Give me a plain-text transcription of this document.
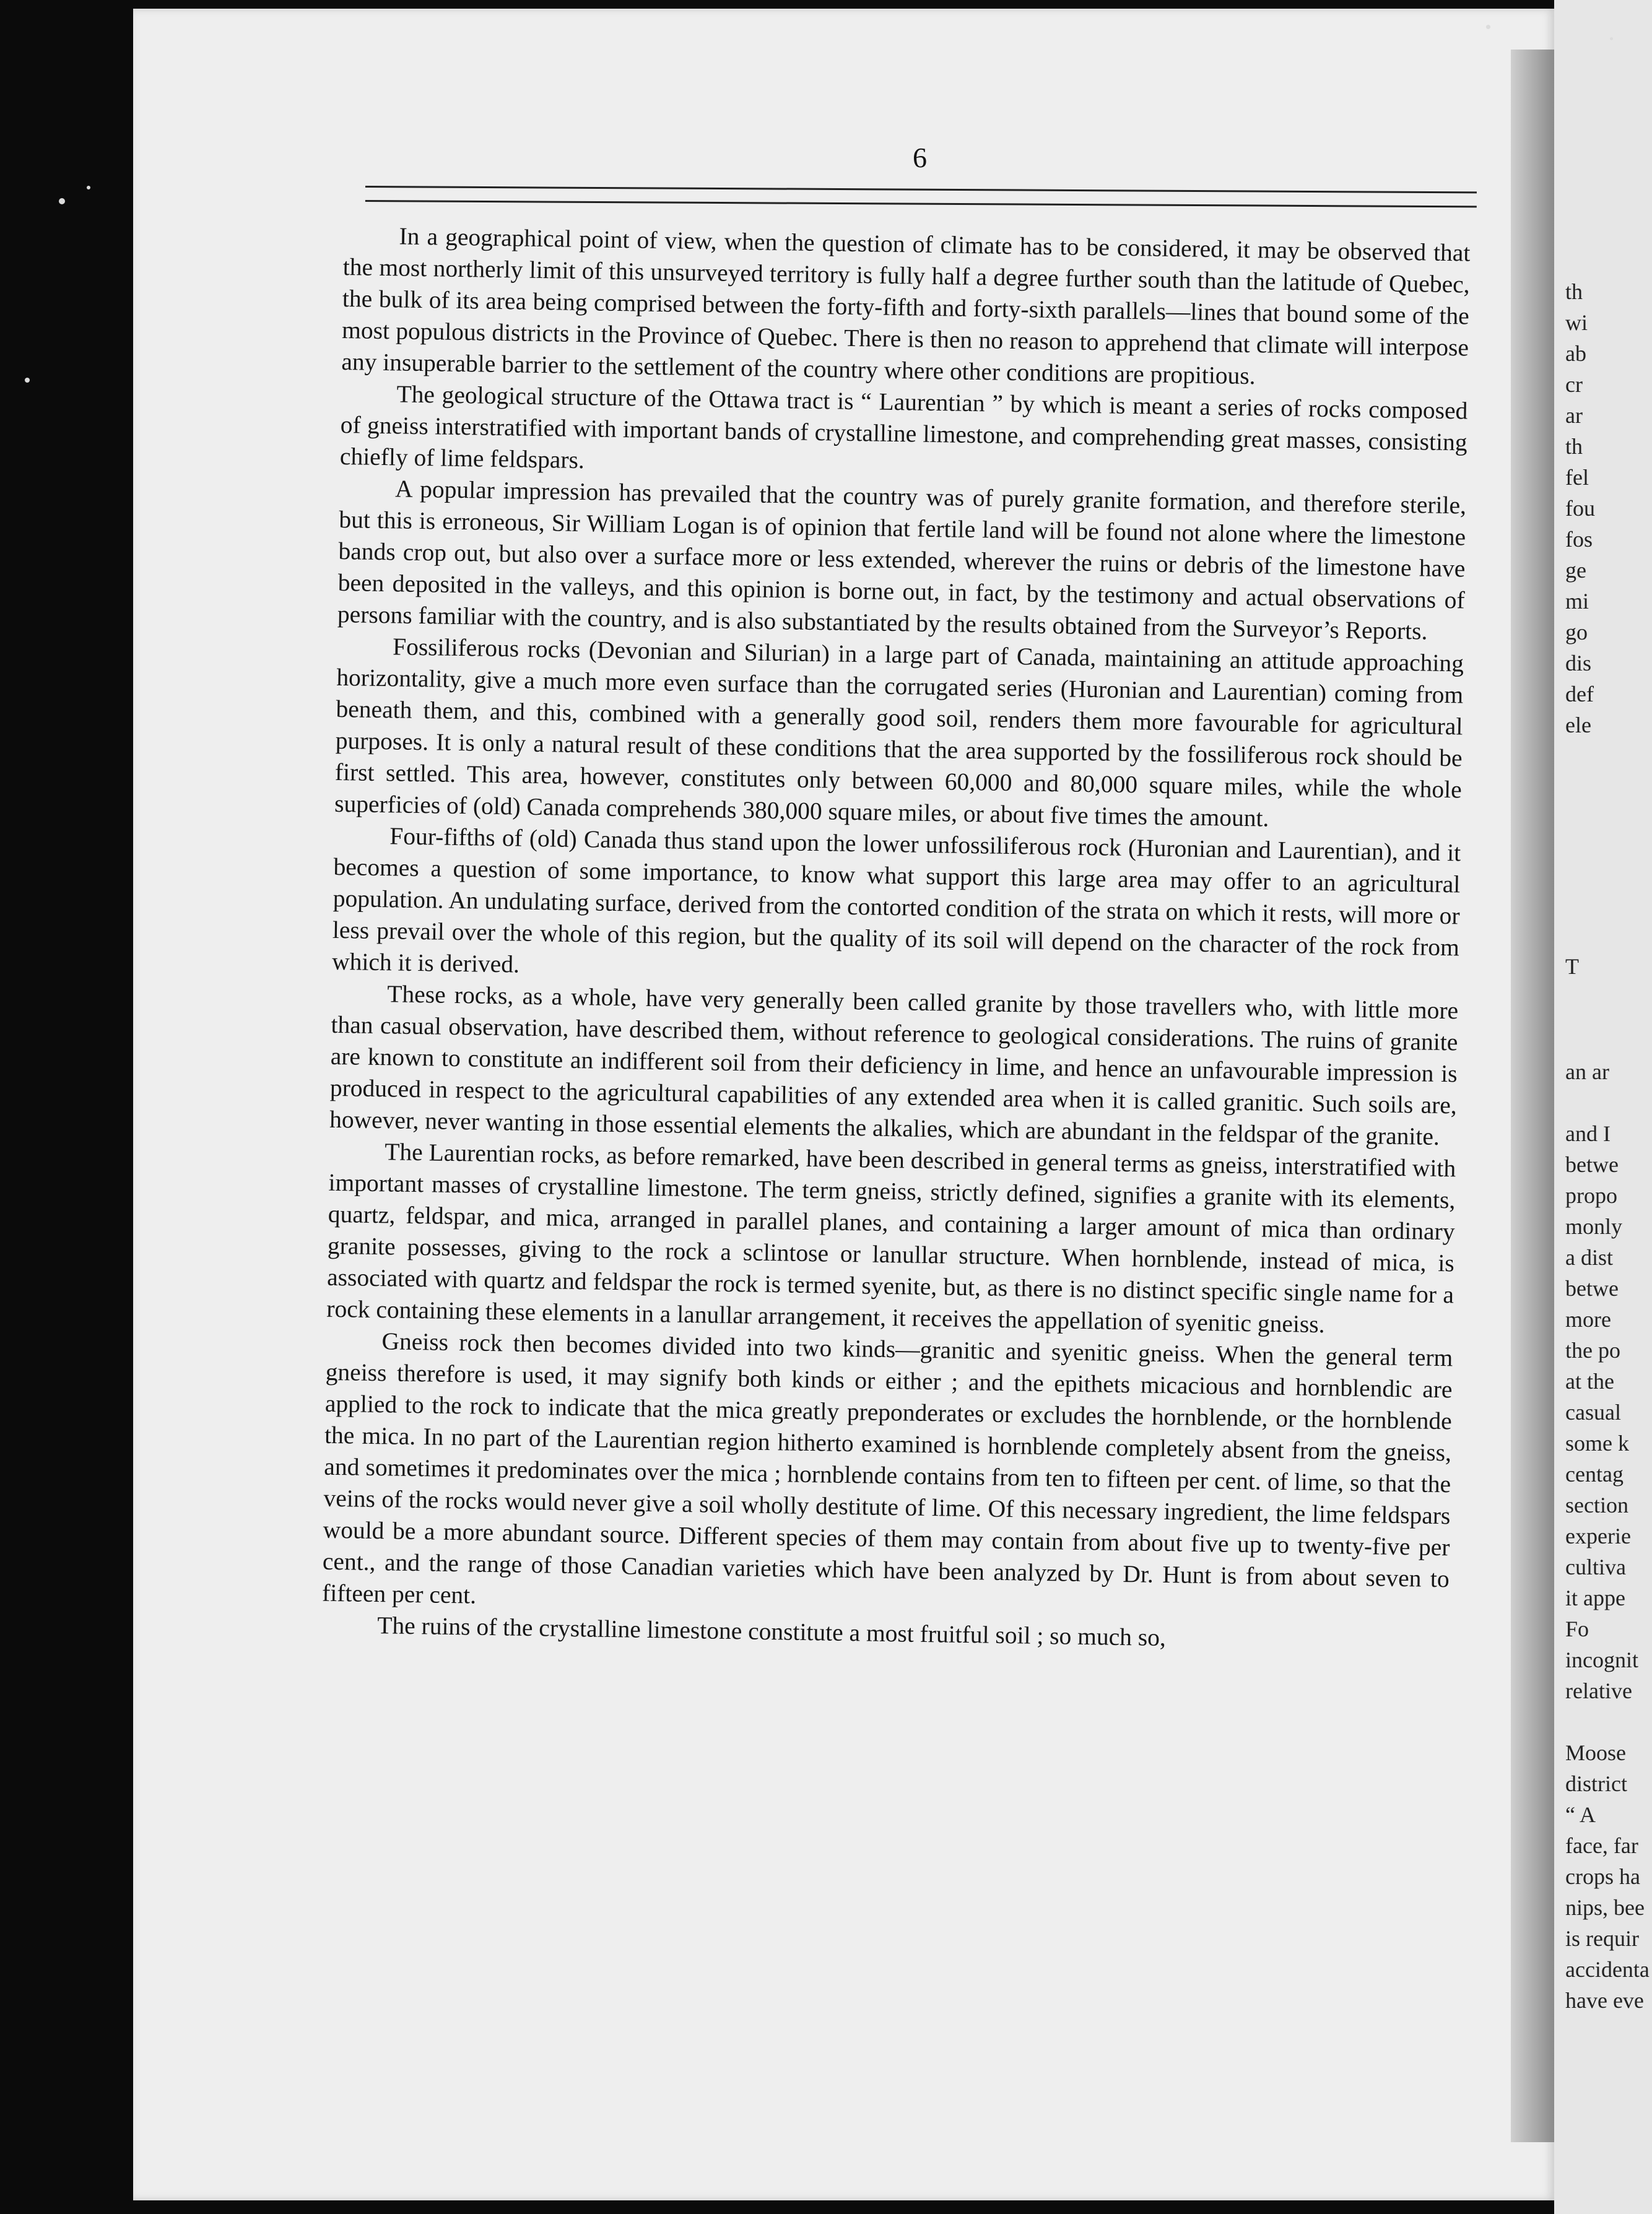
6

In a geographical point of view, when the question of climate has to be considered, it may be observed that the most northerly limit of this unsurveyed territory is fully half a degree further south than the latitude of Quebec, the bulk of its area being comprised between the forty-fifth and forty-sixth parallels—lines that bound some of the most populous districts in the Province of Quebec. There is then no reason to apprehend that climate will interpose any insuperable barrier to the settlement of the country where other conditions are propitious.

The geological structure of the Ottawa tract is “ Laurentian ” by which is meant a series of rocks composed of gneiss interstratified with important bands of crystalline limestone, and comprehending great masses, consisting chiefly of lime feldspars.

A popular impression has prevailed that the country was of purely granite formation, and therefore sterile, but this is erroneous, Sir William Logan is of opinion that fertile land will be found not alone where the limestone bands crop out, but also over a surface more or less extended, wherever the ruins or debris of the limestone have been deposited in the valleys, and this opinion is borne out, in fact, by the testimony and actual observations of persons familiar with the country, and is also substantiated by the results obtained from the Surveyor’s Reports.

Fossiliferous rocks (Devonian and Silurian) in a large part of Canada, maintaining an attitude approaching horizontality, give a much more even surface than the corrugated series (Huronian and Laurentian) coming from beneath them, and this, combined with a generally good soil, renders them more favourable for agricultural purposes. It is only a natural result of these conditions that the area supported by the fossiliferous rock should be first settled. This area, however, constitutes only between 60,000 and 80,000 square miles, while the whole superficies of (old) Canada comprehends 380,000 square miles, or about five times the amount.

Four-fifths of (old) Canada thus stand upon the lower unfossiliferous rock (Huronian and Laurentian), and it becomes a question of some importance, to know what support this large area may offer to an agricultural population. An undulating surface, derived from the contorted condition of the strata on which it rests, will more or less prevail over the whole of this region, but the quality of its soil will depend on the character of the rock from which it is derived.

These rocks, as a whole, have very generally been called granite by those travellers who, with little more than casual observation, have described them, without reference to geological considerations. The ruins of granite are known to constitute an indifferent soil from their deficiency in lime, and hence an unfavourable impression is produced in respect to the agricultural capabilities of any extended area when it is called granitic. Such soils are, however, never wanting in those essential elements the alkalies, which are abundant in the feldspar of the granite.

The Laurentian rocks, as before remarked, have been described in general terms as gneiss, interstratified with important masses of crystalline limestone. The term gneiss, strictly defined, signifies a granite with its elements, quartz, feldspar, and mica, arranged in parallel planes, and containing a larger amount of mica than ordinary granite possesses, giving to the rock a sclintose or lanullar structure. When hornblende, instead of mica, is associated with quartz and feldspar the rock is termed syenite, but, as there is no distinct specific single name for a rock containing these elements in a lanullar arrangement, it receives the appellation of syenitic gneiss.

Gneiss rock then becomes divided into two kinds—granitic and syenitic gneiss. When the general term gneiss therefore is used, it may signify both kinds or either ; and the epithets micacious and hornblendic are applied to the rock to indicate that the mica greatly preponderates or excludes the hornblende, or the hornblende the mica. In no part of the Laurentian region hitherto examined is hornblende completely absent from the gneiss, and sometimes it predominates over the mica ; hornblende contains from ten to fifteen per cent. of lime, so that the veins of the rocks would never give a soil wholly destitute of lime. Of this necessary ingredient, the lime feldspars would be a more abundant source. Different species of them may contain from about five up to twenty-five per cent., and the range of those Canadian varieties which have been analyzed by Dr. Hunt is from about seven to fifteen per cent.

The ruins of the crystalline limestone constitute a most fruitful soil ; so much so,

th
wi
ab
cr
ar
th
fel
fou
fos
ge
mi
go
dis
def
ele
T
an ar
and I
betwe
propo
monly
a dist
betwe
more
the po
at the
casual
some k
centag
section
experie
cultiva
it appe
Fo
incognit
relative
Moose
district
“ A
face, far
crops ha
nips, bee
is requir
accidenta
have eve
